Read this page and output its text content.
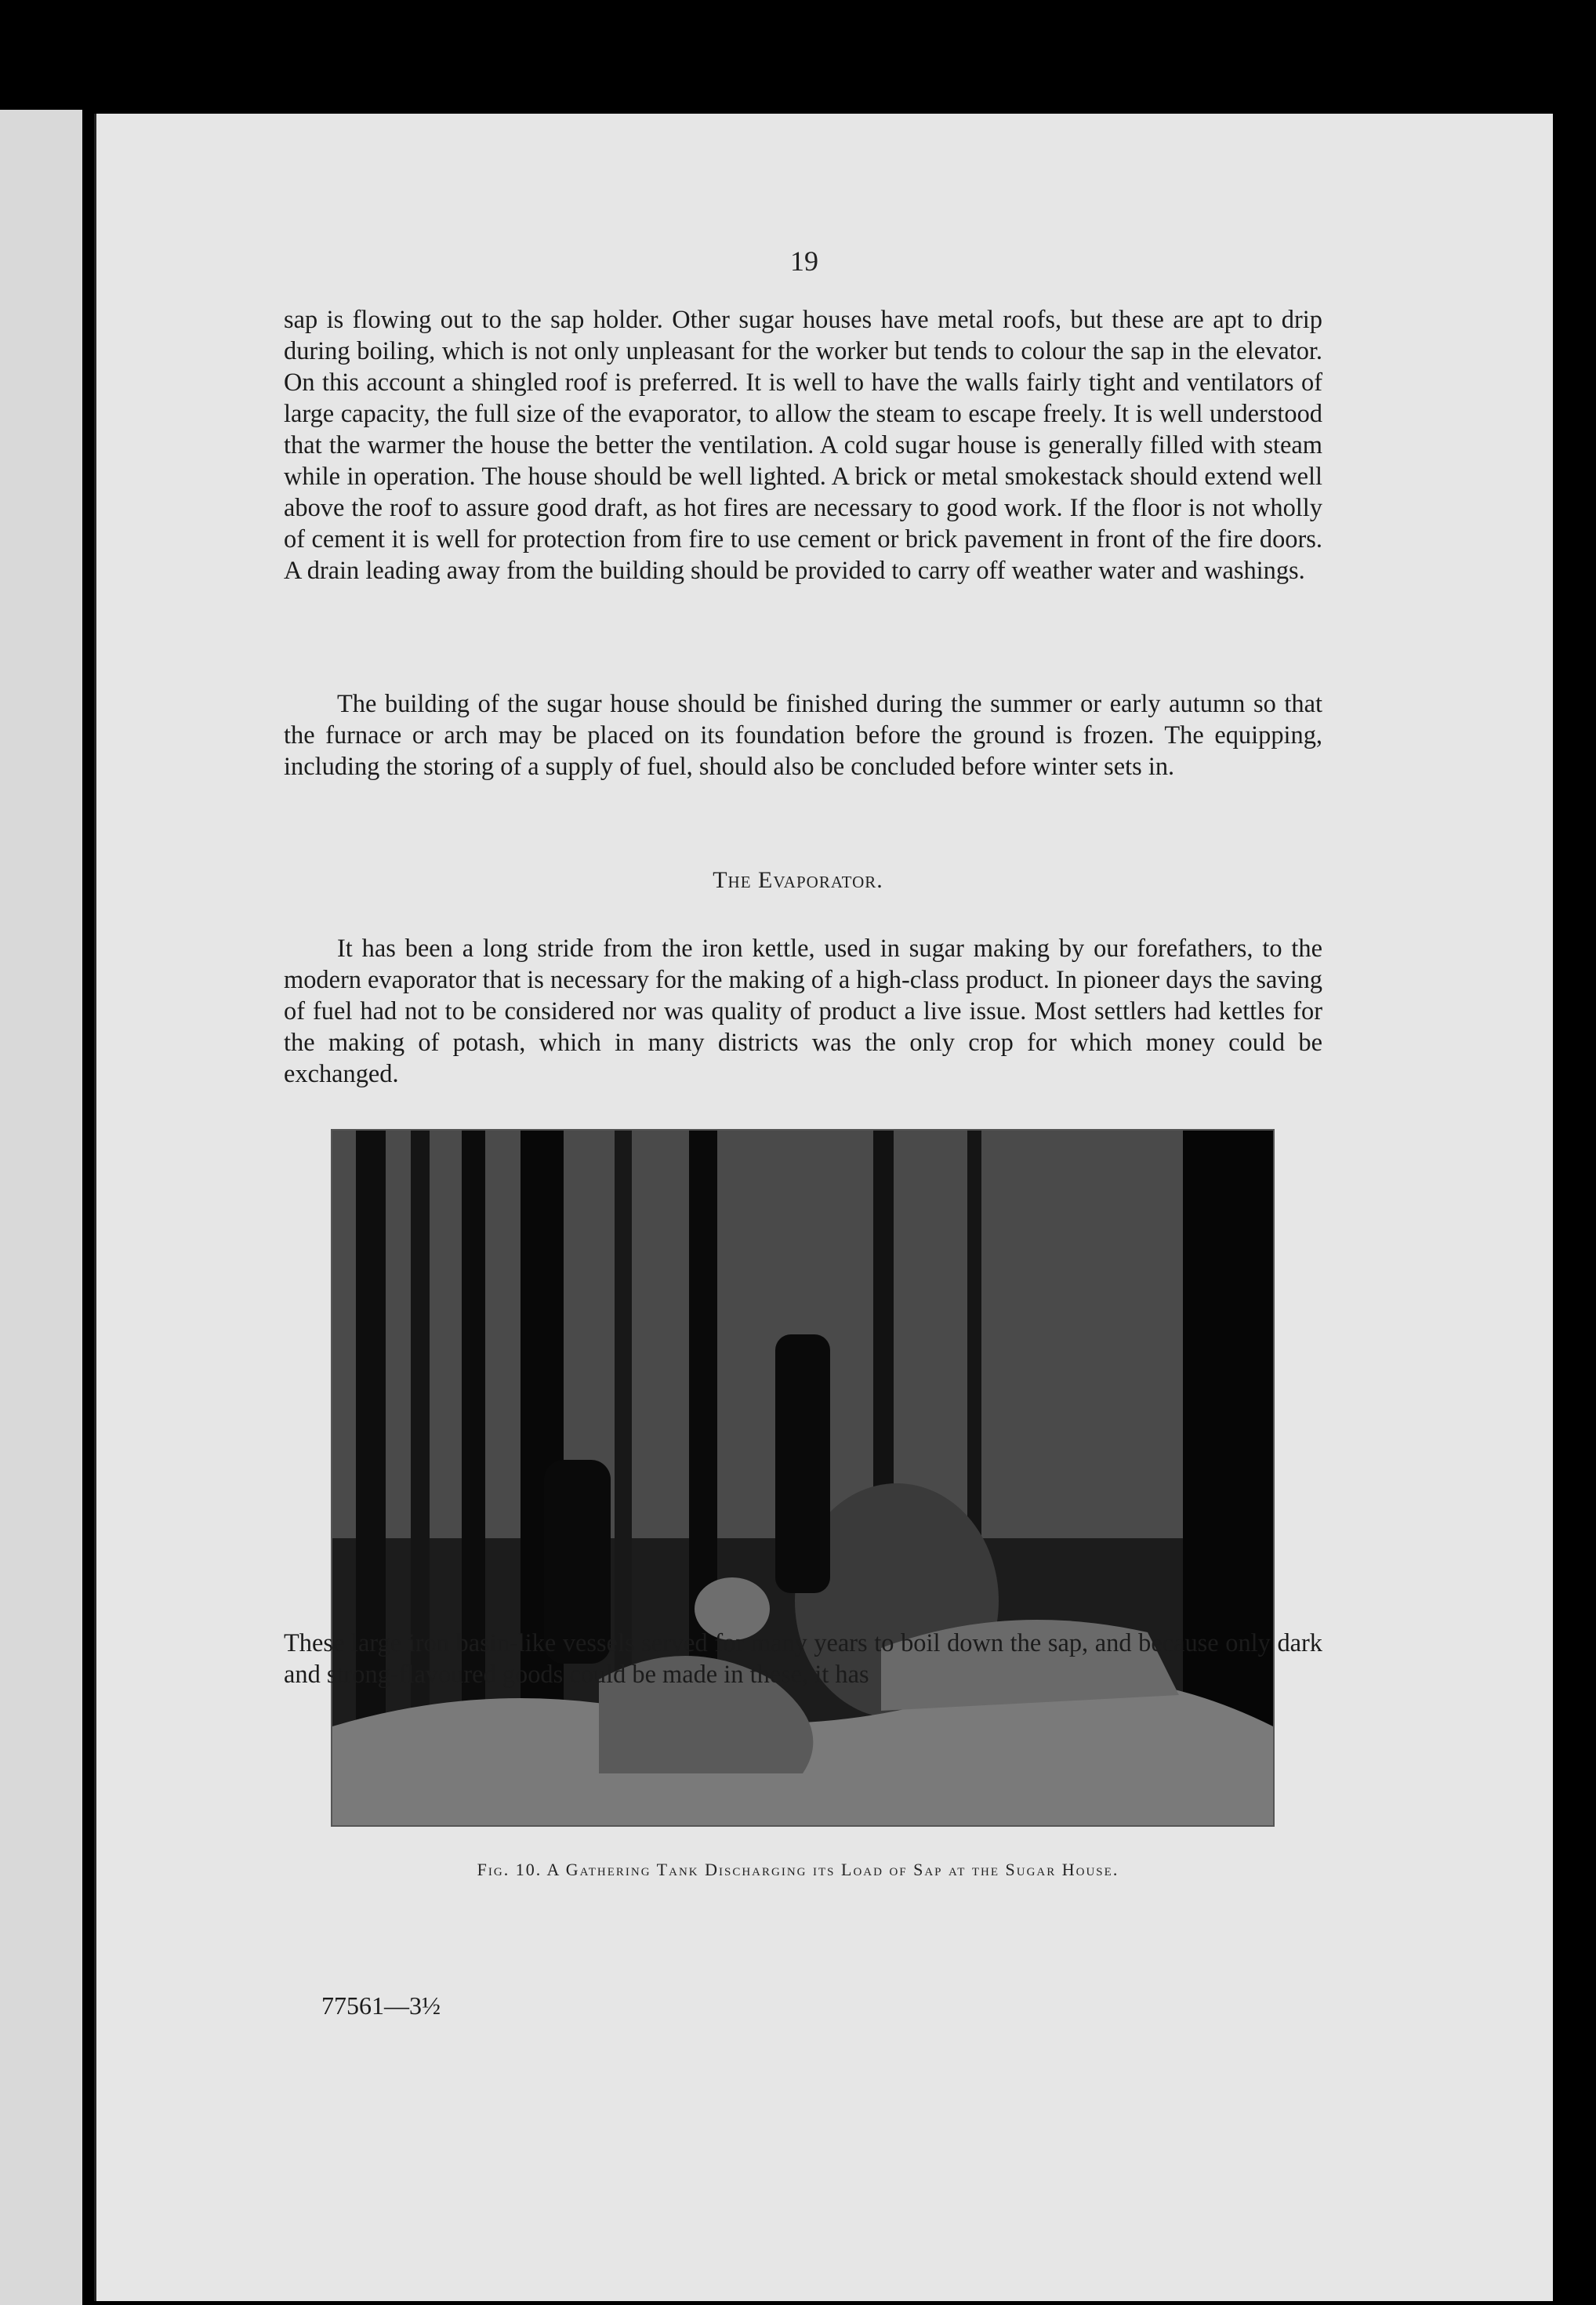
19

sap is flowing out to the sap holder. Other sugar houses have metal roofs, but these are apt to drip during boiling, which is not only unpleasant for the worker but tends to colour the sap in the elevator. On this account a shingled roof is preferred. It is well to have the walls fairly tight and ventilators of large capacity, the full size of the evaporator, to allow the steam to escape freely. It is well understood that the warmer the house the better the ventilation. A cold sugar house is generally filled with steam while in operation. The house should be well lighted. A brick or metal smokestack should extend well above the roof to assure good draft, as hot fires are necessary to good work. If the floor is not wholly of cement it is well for protection from fire to use cement or brick pavement in front of the fire doors. A drain leading away from the building should be provided to carry off weather water and washings.

The building of the sugar house should be finished during the summer or early autumn so that the furnace or arch may be placed on its foundation before the ground is frozen. The equipping, including the storing of a supply of fuel, should also be concluded before winter sets in.

The Evaporator.

It has been a long stride from the iron kettle, used in sugar making by our forefathers, to the modern evaporator that is necessary for the making of a high-class product. In pioneer days the saving of fuel had not to be considered nor was quality of product a live issue. Most settlers had kettles for the making of potash, which in many districts was the only crop for which money could be exchanged.

Fig. 10. A Gathering Tank Discharging its Load of Sap at the Sugar House.

These large iron basin-like vessels served for many years to boil down the sap, and because only dark and strong-flavoured goods could be made in these, it has

77561—3½
